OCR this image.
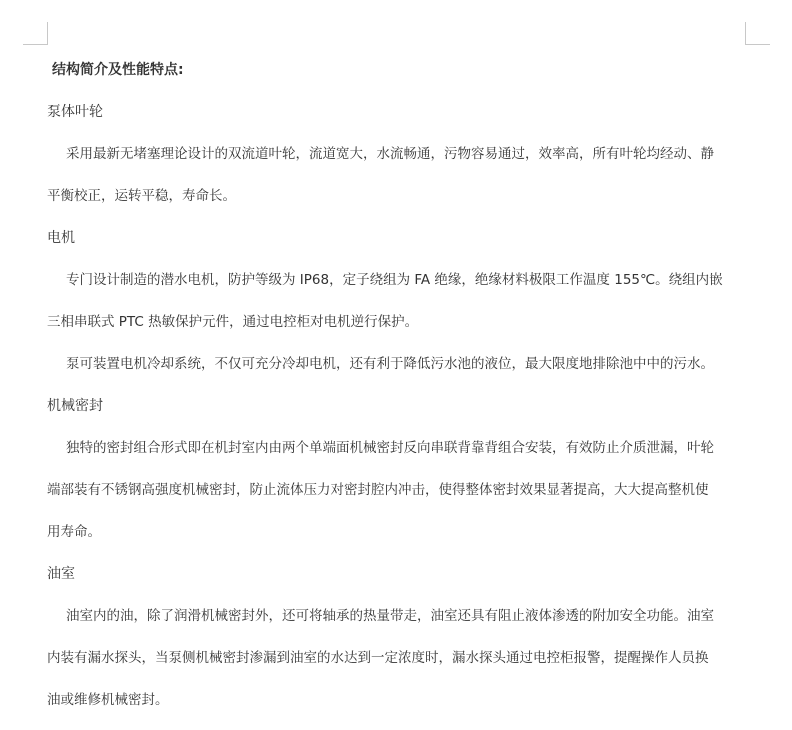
结构简介及性能特点:
泵体叶轮
采用最新无堵塞理论设计的双流道叶轮，流道宽大，水流畅通，污物容易通过，效率高，所有叶轮均经动、静
平衡校正，运转平稳，寿命长。
电机
专门设计制造的潜水电机，防护等级为 IP68，定子绕组为 FA 绝缘，绝缘材料极限工作温度 155℃。绕组内嵌
三相串联式 PTC 热敏保护元件，通过电控柜对电机逆行保护。
泵可装置电机冷却系统，不仅可充分冷却电机，还有利于降低污水池的液位，最大限度地排除池中中的污水。
机械密封
独特的密封组合形式即在机封室内由两个单端面机械密封反向串联背靠背组合安装，有效防止介质泄漏，叶轮
端部装有不锈钢高强度机械密封，防止流体压力对密封腔内冲击，使得整体密封效果显著提高，大大提高整机使
用寿命。
油室
油室内的油，除了润滑机械密封外，还可将轴承的热量带走，油室还具有阻止液体渗透的附加安全功能。油室
内装有漏水探头，当泵侧机械密封渗漏到油室的水达到一定浓度时，漏水探头通过电控柜报警，提醒操作人员换
油或维修机械密封。
